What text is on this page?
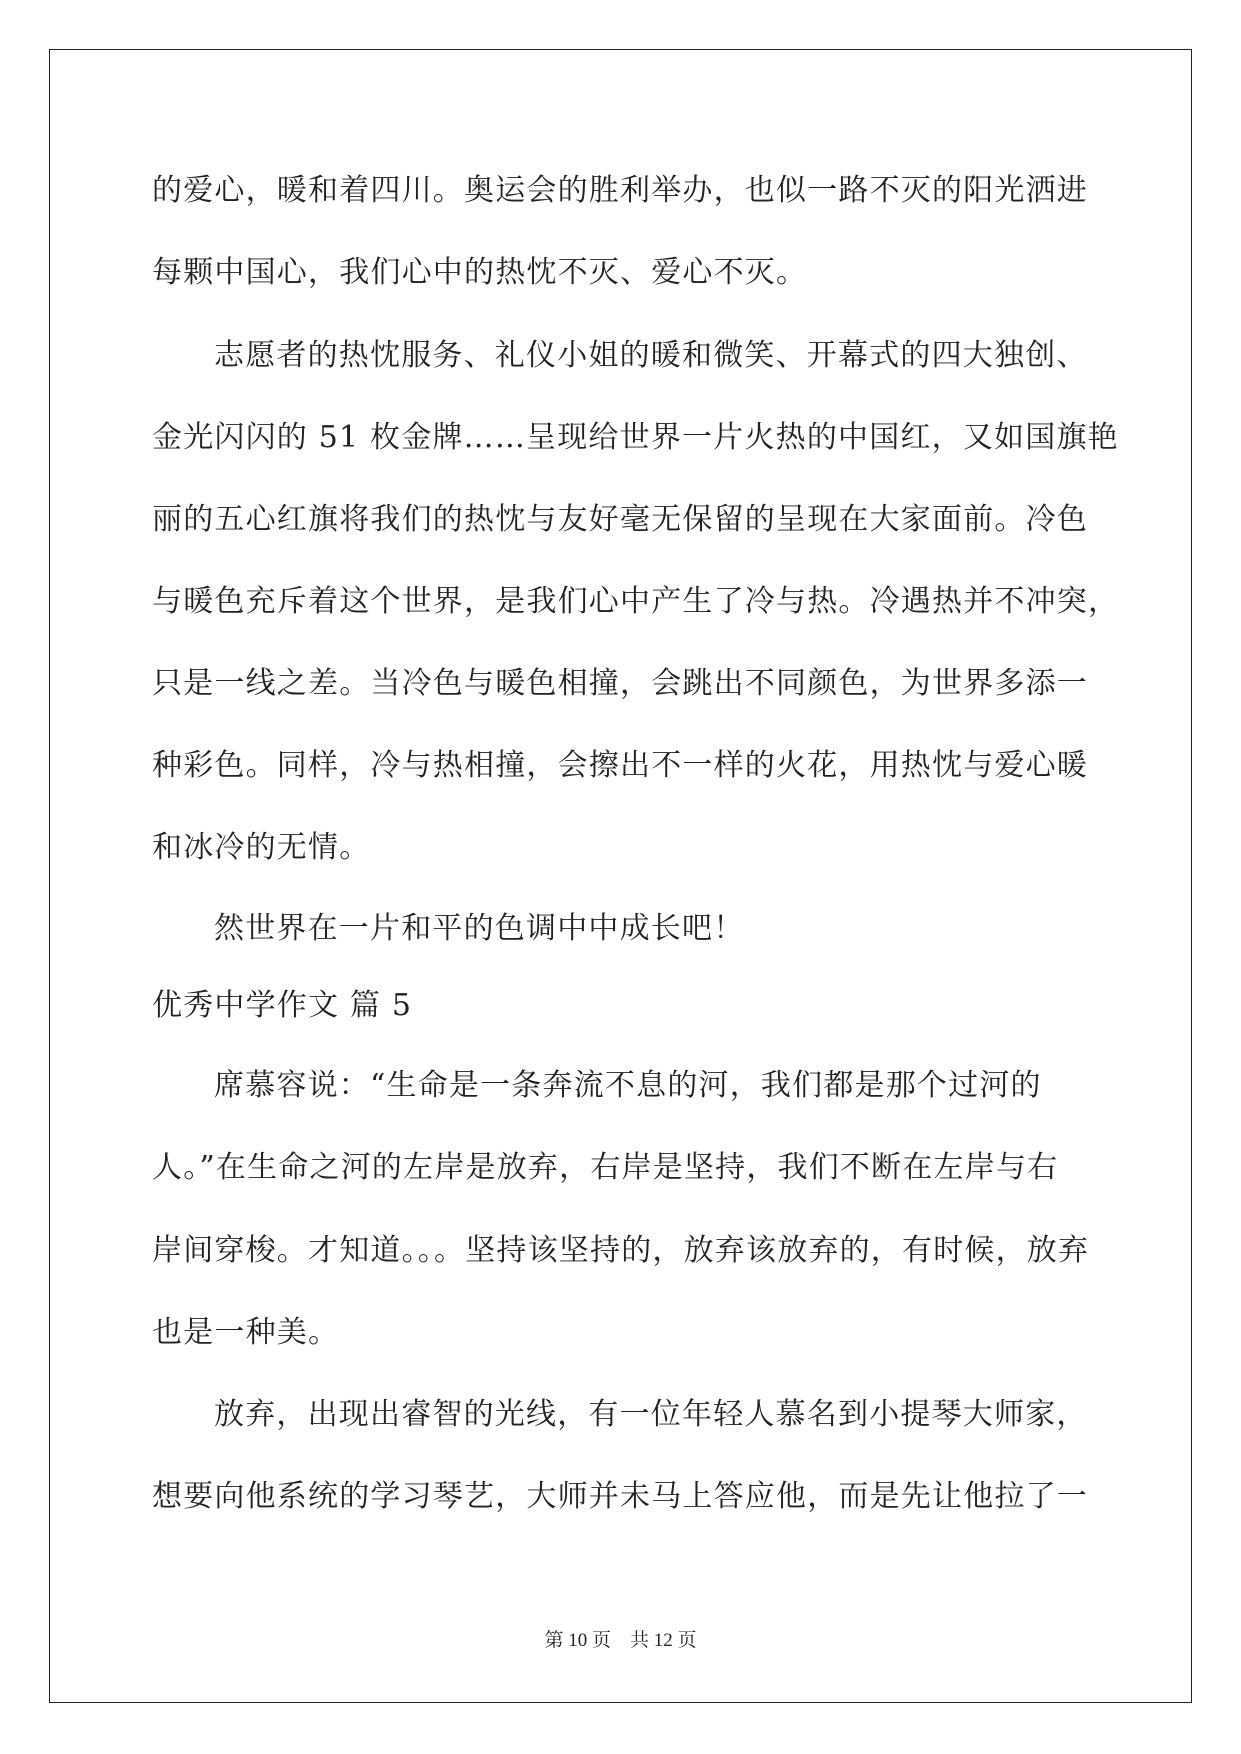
的爱心，暖和着四川。奥运会的胜利举办，也似一路不灭的阳光洒进
每颗中国心，我们心中的热忱不灭、爱心不灭。
志愿者的热忱服务、礼仪小姐的暖和微笑、开幕式的四大独创、
金光闪闪的 51 枚金牌……呈现给世界一片火热的中国红，又如国旗艳
丽的五心红旗将我们的热忱与友好毫无保留的呈现在大家面前。冷色
与暖色充斥着这个世界，是我们心中产生了冷与热。冷遇热并不冲突，
只是一线之差。当冷色与暖色相撞，会跳出不同颜色，为世界多添一
种彩色。同样，冷与热相撞，会擦出不一样的火花，用热忱与爱心暖
和冰冷的无情。
然世界在一片和平的色调中中成长吧！
优秀中学作文 篇 5
席慕容说：“生命是一条奔流不息的河，我们都是那个过河的
人。”在生命之河的左岸是放弃，右岸是坚持，我们不断在左岸与右
岸间穿梭。才知道。。。坚持该坚持的，放弃该放弃的，有时候，放弃
也是一种美。
放弃，出现出睿智的光线，有一位年轻人慕名到小提琴大师家，
想要向他系统的学习琴艺，大师并未马上答应他，而是先让他拉了一
第 10 页　共 12 页
